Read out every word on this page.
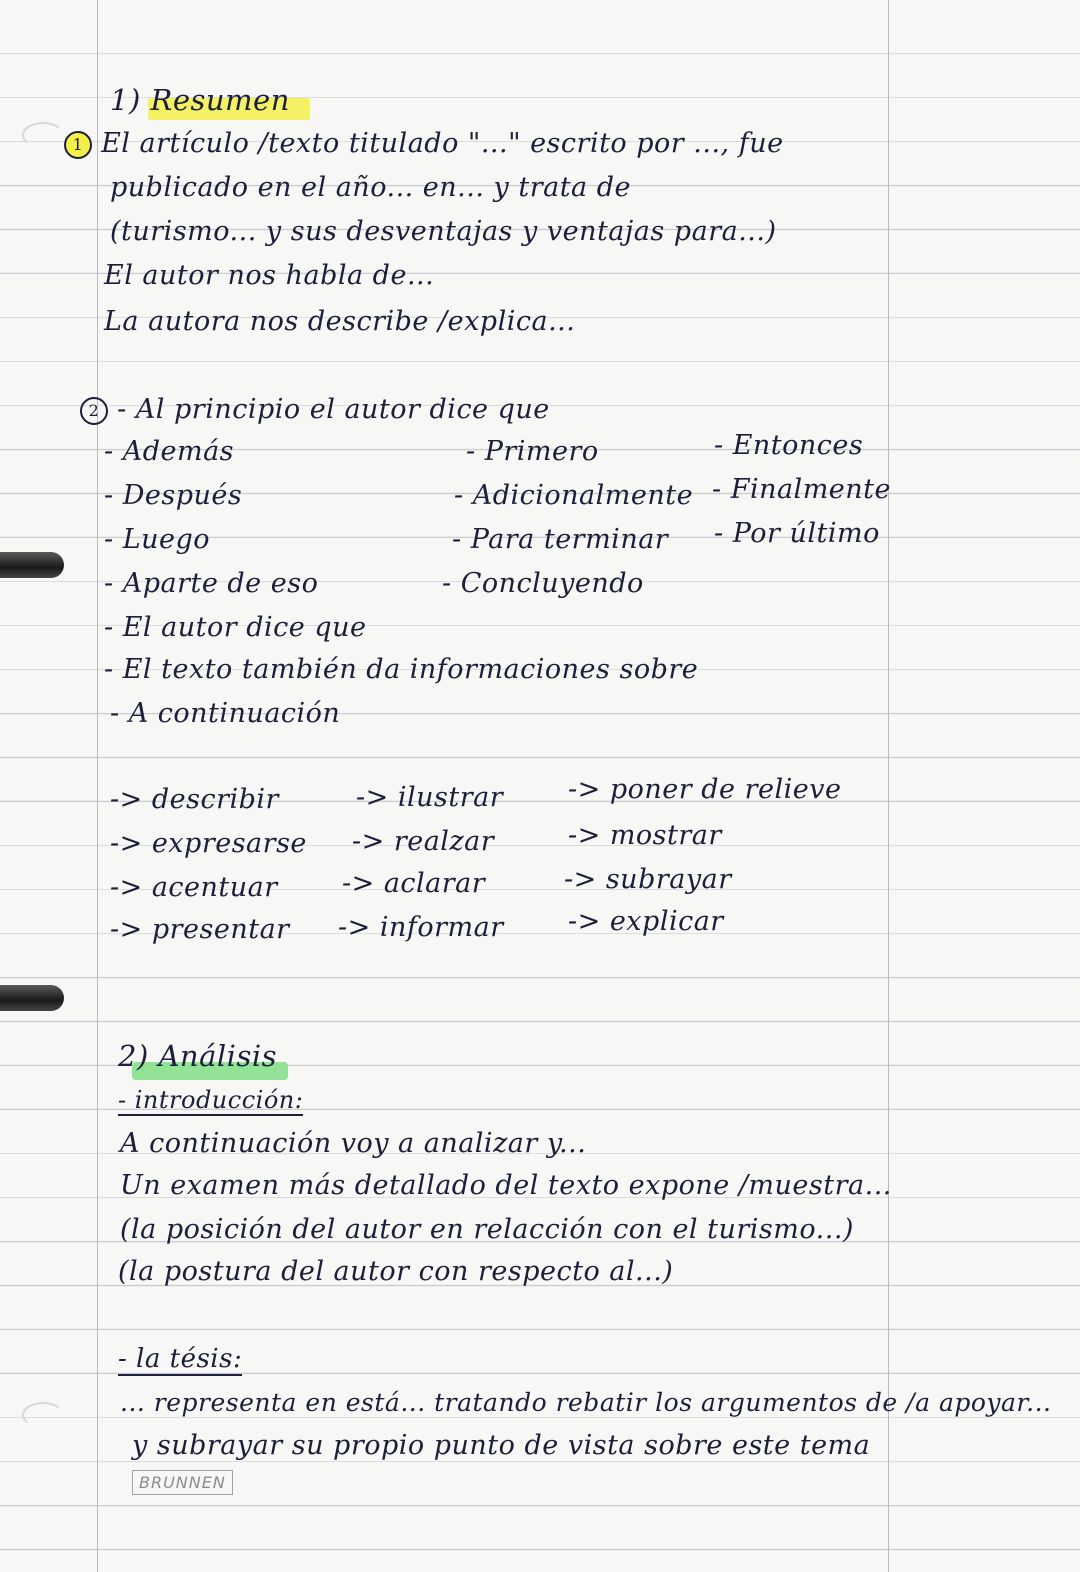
1) Resumen
1 El artículo /texto titulado "..." escrito por ..., fue
publicado en el año... en... y trata de
(turismo... y sus desventajas y ventajas para...)
El autor nos habla de...
La autora nos describe /explica...
2 - Al principio el autor dice que
- Además
- Después
- Luego
- Aparte de eso
- El autor dice que
- El texto también da informaciones sobre
- A continuación
- Primero
- Adicionalmente
- Para terminar
- Concluyendo
- Entonces
- Finalmente
- Por último
-> describir
-> expresarse
-> acentuar
-> presentar
-> ilustrar
-> realzar
-> aclarar
-> informar
-> poner de relieve
-> mostrar
-> subrayar
-> explicar
2) Análisis
- introducción:
A continuación voy a analizar y...
Un examen más detallado del texto expone /muestra...
(la posición del autor en relacción con el turismo...)
(la postura del autor con respecto al...)
- la tésis:
... representa en está... tratando rebatir los argumentos de /a apoyar...
y subrayar su propio punto de vista sobre este tema
BRUNNEN
